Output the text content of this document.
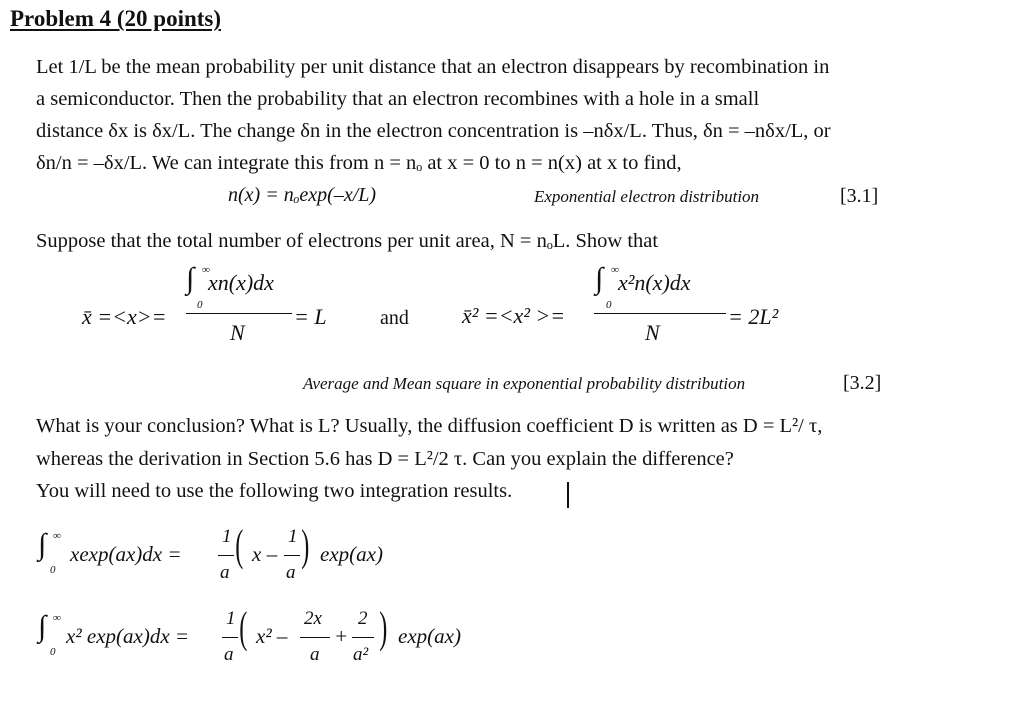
Problem 4 (20 points)
Let 1/L be the mean probability per unit distance that an electron disappears by recombination in
a semiconductor. Then the probability that an electron recombines with a hole in a small
distance δx is δx/L. The change δn in the electron concentration is –nδx/L. Thus, δn = –nδx/L, or
δn/n = –δx/L. We can integrate this from n = nₒ at x = 0 to n = n(x) at x to find,
n(x) = nₒexp(–x/L)	Exponential electron distribution	[3.1]
Suppose that the total number of electrons per unit area, N = nₒL. Show that
x̄ =<x>=
∫ ∞
0
xn(x)dx
N
= L	and x̄² =<x² >=
∫ ∞
0
x²n(x)dx
N
= 2L²
Average and Mean square in exponential probability distribution	[3.2]
What is your conclusion? What is L? Usually, the diffusion coefficient D is written as D = L²/ τ,
whereas the derivation in Section 5.6 has D = L²/2 τ. Can you explain the difference?
You will need to use the following two integration results.
∫ ∞
0
xexp(ax)dx =
1
a
( x –
1
a
) exp(ax)
∫ ∞
0
x² exp(ax)dx =
1
a
( x² –
2x
a
+
2
a²
) exp(ax)
